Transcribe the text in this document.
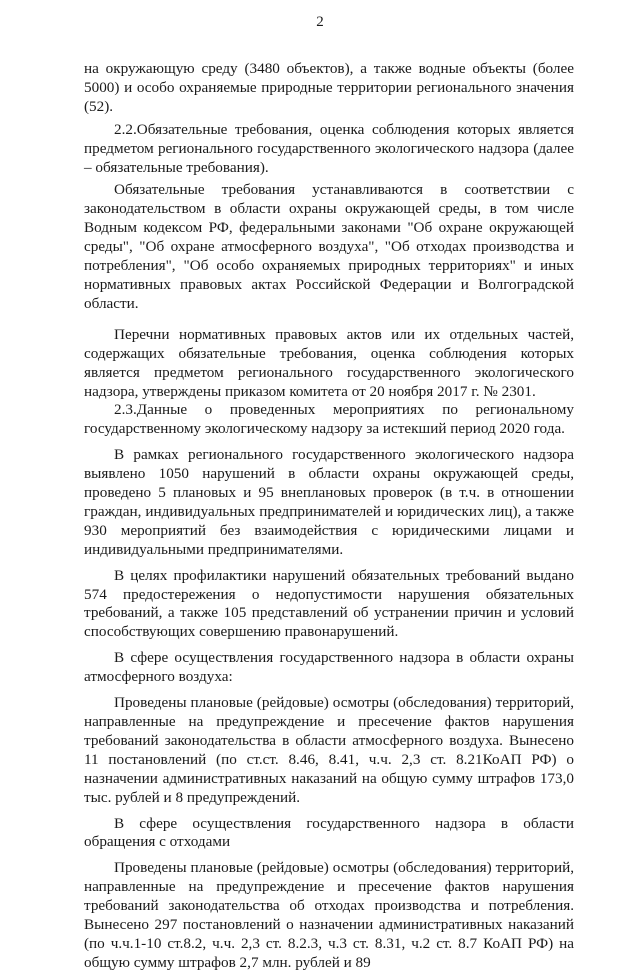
2

на окружающую среду (3480 объектов), а также водные объекты (более 5000) и особо охраняемые природные территории регионального значения (52).

2.2.Обязательные требования, оценка соблюдения которых является предметом регионального государственного экологического надзора (далее – обязательные требования).

Обязательные требования устанавливаются в соответствии с законодательством в области охраны окружающей среды, в том числе Водным кодексом РФ, федеральными законами "Об охране окружающей среды", "Об охране атмосферного воздуха", "Об отходах производства и потребления", "Об особо охраняемых природных территориях" и иных нормативных правовых актах Российской Федерации и Волгоградской области.

Перечни нормативных правовых актов или их отдельных частей, содержащих обязательные требования, оценка соблюдения которых является предметом регионального государственного экологического надзора, утверждены приказом комитета от 20 ноября 2017 г. № 2301.

2.3.Данные о проведенных мероприятиях по региональному государственному экологическому надзору за истекший период 2020 года.

В рамках регионального государственного экологического надзора выявлено 1050 нарушений в области охраны окружающей среды, проведено 5 плановых и 95 внеплановых проверок (в т.ч. в отношении граждан, индивидуальных предпринимателей и юридических лиц), а также 930 мероприятий без взаимодействия с юридическими лицами и индивидуальными предпринимателями.

В целях профилактики нарушений обязательных требований выдано 574 предостережения о недопустимости нарушения обязательных требований, а также 105 представлений об устранении причин и условий способствующих совершению правонарушений.

В сфере осуществления государственного надзора в области охраны атмосферного воздуха:

Проведены плановые (рейдовые) осмотры (обследования) территорий, направленные на предупреждение и пресечение фактов нарушения требований законодательства в области атмосферного воздуха. Вынесено 11 постановлений (по ст.ст. 8.46, 8.41, ч.ч. 2,3 ст. 8.21КоАП РФ) о назначении административных наказаний на общую сумму штрафов 173,0 тыс. рублей и 8 предупреждений.

В сфере осуществления государственного надзора в области обращения с отходами

Проведены плановые (рейдовые) осмотры (обследования) территорий, направленные на предупреждение и пресечение фактов нарушения требований законодательства об отходах производства и потребления. Вынесено 297 постановлений о назначении административных наказаний (по ч.ч.1-10 ст.8.2, ч.ч. 2,3 ст. 8.2.3, ч.3 ст. 8.31, ч.2 ст. 8.7 КоАП РФ) на общую сумму штрафов 2,7 млн. рублей и 89
